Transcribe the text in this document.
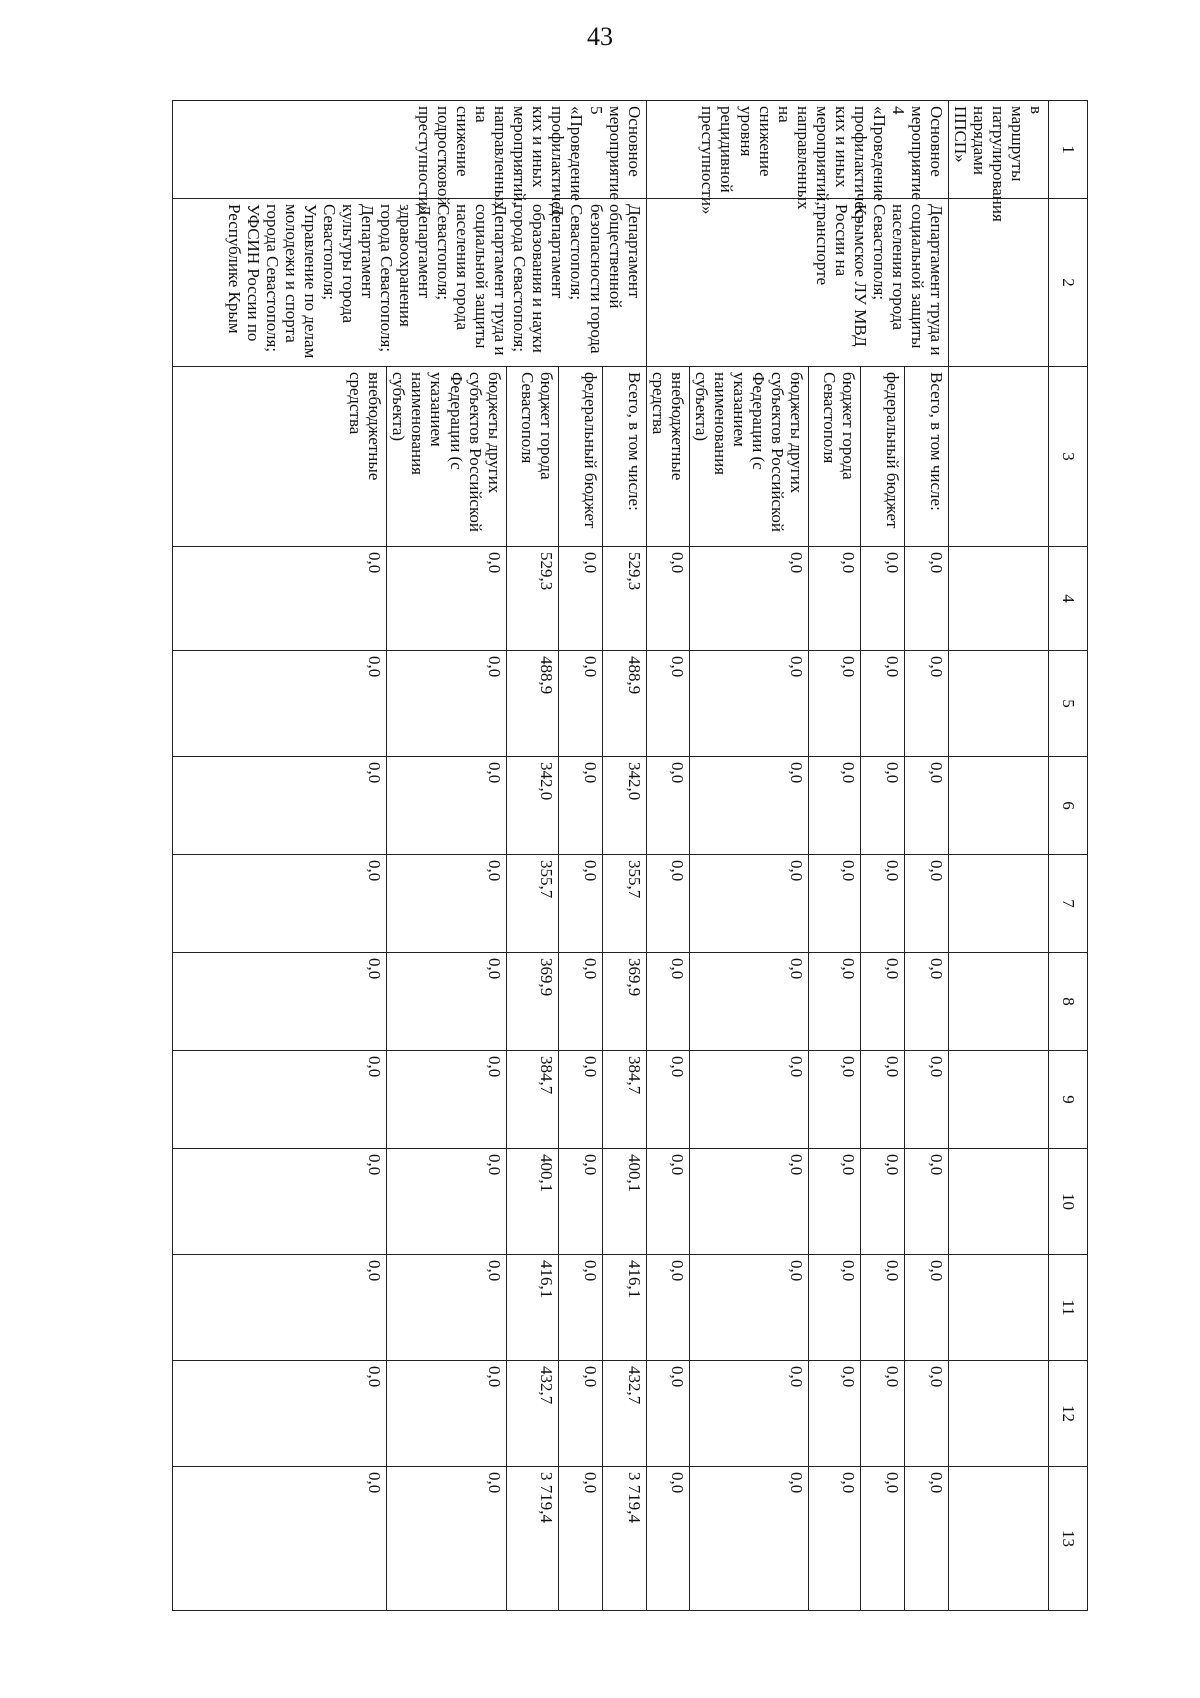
43
1	2	3	4	5	6	7	8	9	10	11	12	13
в маршруты патрулирования нарядами ППСП»												
Основное мероприятие 4 «Проведение профилактичес-ких и иных мероприятий, направленных на снижение уровня рецидивной преступности»	Департамент труда и социальной защиты населения города Севастополя; Крымское ЛУ МВД России на транспорте	Всего, в том числе:	0,0	0,0	0,0	0,0	0,0	0,0	0,0	0,0	0,0	0,0
		федеральный бюджет	0,0	0,0	0,0	0,0	0,0	0,0	0,0	0,0	0,0	0,0
		бюджет города Севастополя	0,0	0,0	0,0	0,0	0,0	0,0	0,0	0,0	0,0	0,0
		бюджеты других субъектов Российской Федерации (с указанием наименования субъекта)	0,0	0,0	0,0	0,0	0,0	0,0	0,0	0,0	0,0	0,0
		внебюджетные средства	0,0	0,0	0,0	0,0	0,0	0,0	0,0	0,0	0,0	0,0
Основное мероприятие 5 «Проведение профилактичес-ких и иных мероприятий, направленных на снижение подростковой преступности»	Департамент общественной безопасности города Севастополя; Департамент образования и науки города Севастополя; Департамент труда и социальной защиты населения города Севастополя; Департамент здравоохранения города Севастополя; Департамент культуры города Севастополя; Управление по делам молодежи и спорта города Севастополя; УФСИН России по Республике Крым	Всего, в том числе:	529,3	488,9	342,0	355,7	369,9	384,7	400,1	416,1	432,7	3 719,4
		федеральный бюджет	0,0	0,0	0,0	0,0	0,0	0,0	0,0	0,0	0,0	0,0
		бюджет города Севастополя	529,3	488,9	342,0	355,7	369,9	384,7	400,1	416,1	432,7	3 719,4
		бюджеты других субъектов Российской Федерации (с указанием наименования субъекта)	0,0	0,0	0,0	0,0	0,0	0,0	0,0	0,0	0,0	0,0
		внебюджетные средства	0,0	0,0	0,0	0,0	0,0	0,0	0,0	0,0	0,0	0,0
